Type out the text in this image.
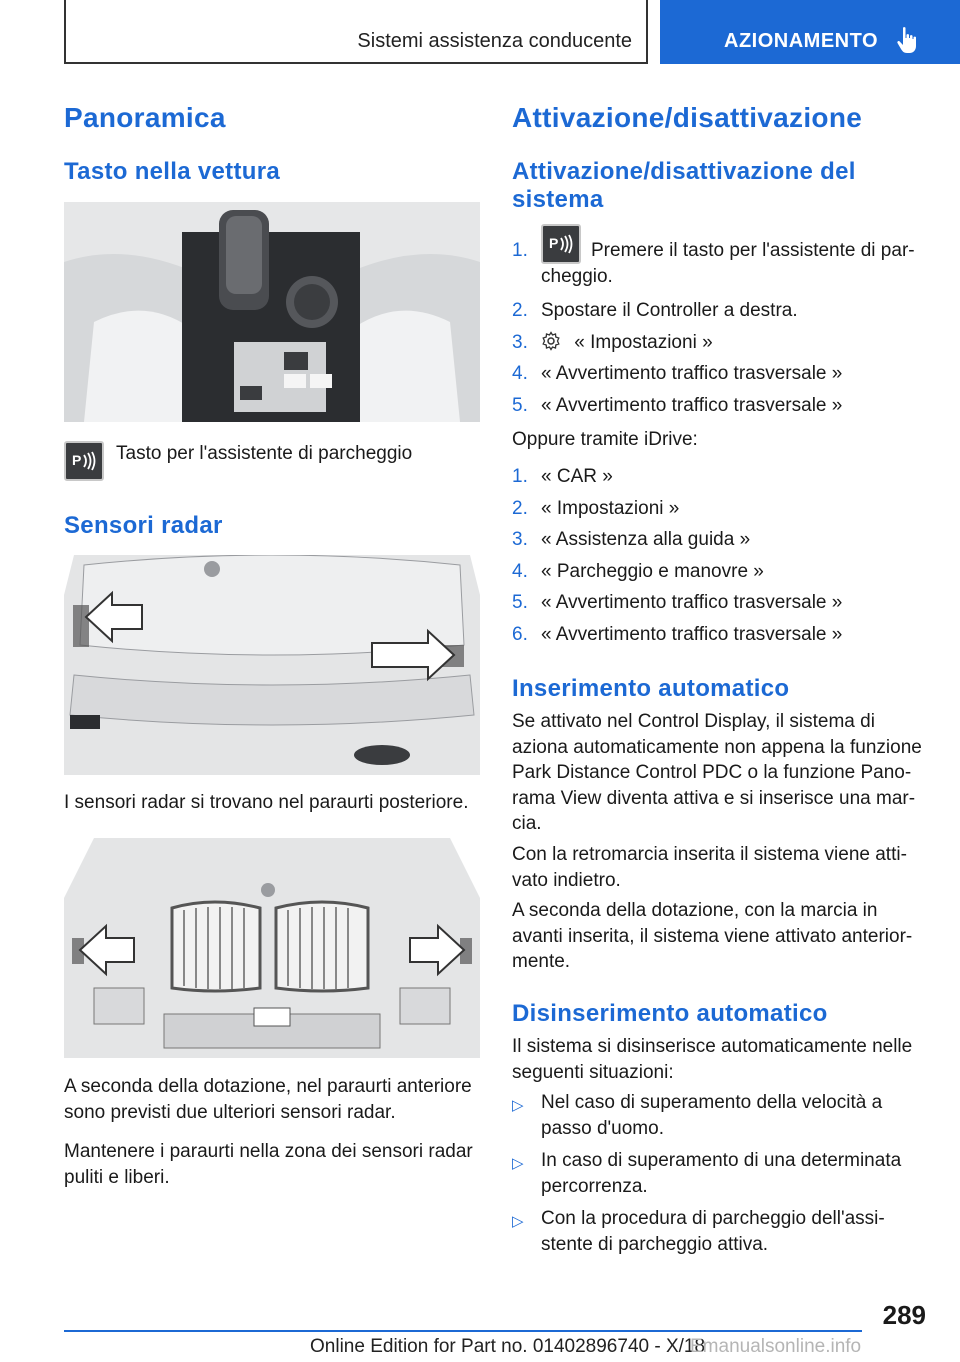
Sistemi assistenza conducente	AZIONAMENTO
Panoramica
Tasto nella vettura
P Tasto per l'assistente di parcheggio
Sensori radar
I sensori radar si trovano nel paraurti posteriore.
A seconda della dotazione, nel paraurti anteriore sono previsti due ulteriori sensori radar.
Mantenere i paraurti nella zona dei sensori radar puliti e liberi.
Attivazione/disattivazione
Attivazione/disattivazione del sistema
1. P	Premere il tasto per l'assistente di parcheggio.
2. Spostare il Controller a destra.
3. « Impostazioni »
4. « Avvertimento traffico trasversale »
5. « Avvertimento traffico trasversale »
Oppure tramite iDrive:
1. « CAR »
2. « Impostazioni »
3. « Assistenza alla guida »
4. « Parcheggio e manovre »
5. « Avvertimento traffico trasversale »
6. « Avvertimento traffico trasversale »
Inserimento automatico
Se attivato nel Control Display, il sistema di aziona automaticamente non appena la funzione Park Distance Control PDC o la funzione Panorama View diventa attiva e si inserisce una marcia.
Con la retromarcia inserita il sistema viene attivato indietro.
A seconda della dotazione, con la marcia in avanti inserita, il sistema viene attivato anteriormente.
Disinserimento automatico
Il sistema si disinserisce automaticamente nelle seguenti situazioni:
▷ Nel caso di superamento della velocità a passo d'uomo.
▷ In caso di superamento di una determinata percorrenza.
▷ Con la procedura di parcheggio dell'assistente di parcheggio attiva.
289
Online Edition for Part no. 01402896740 - X/18
Emanualsonline.info
